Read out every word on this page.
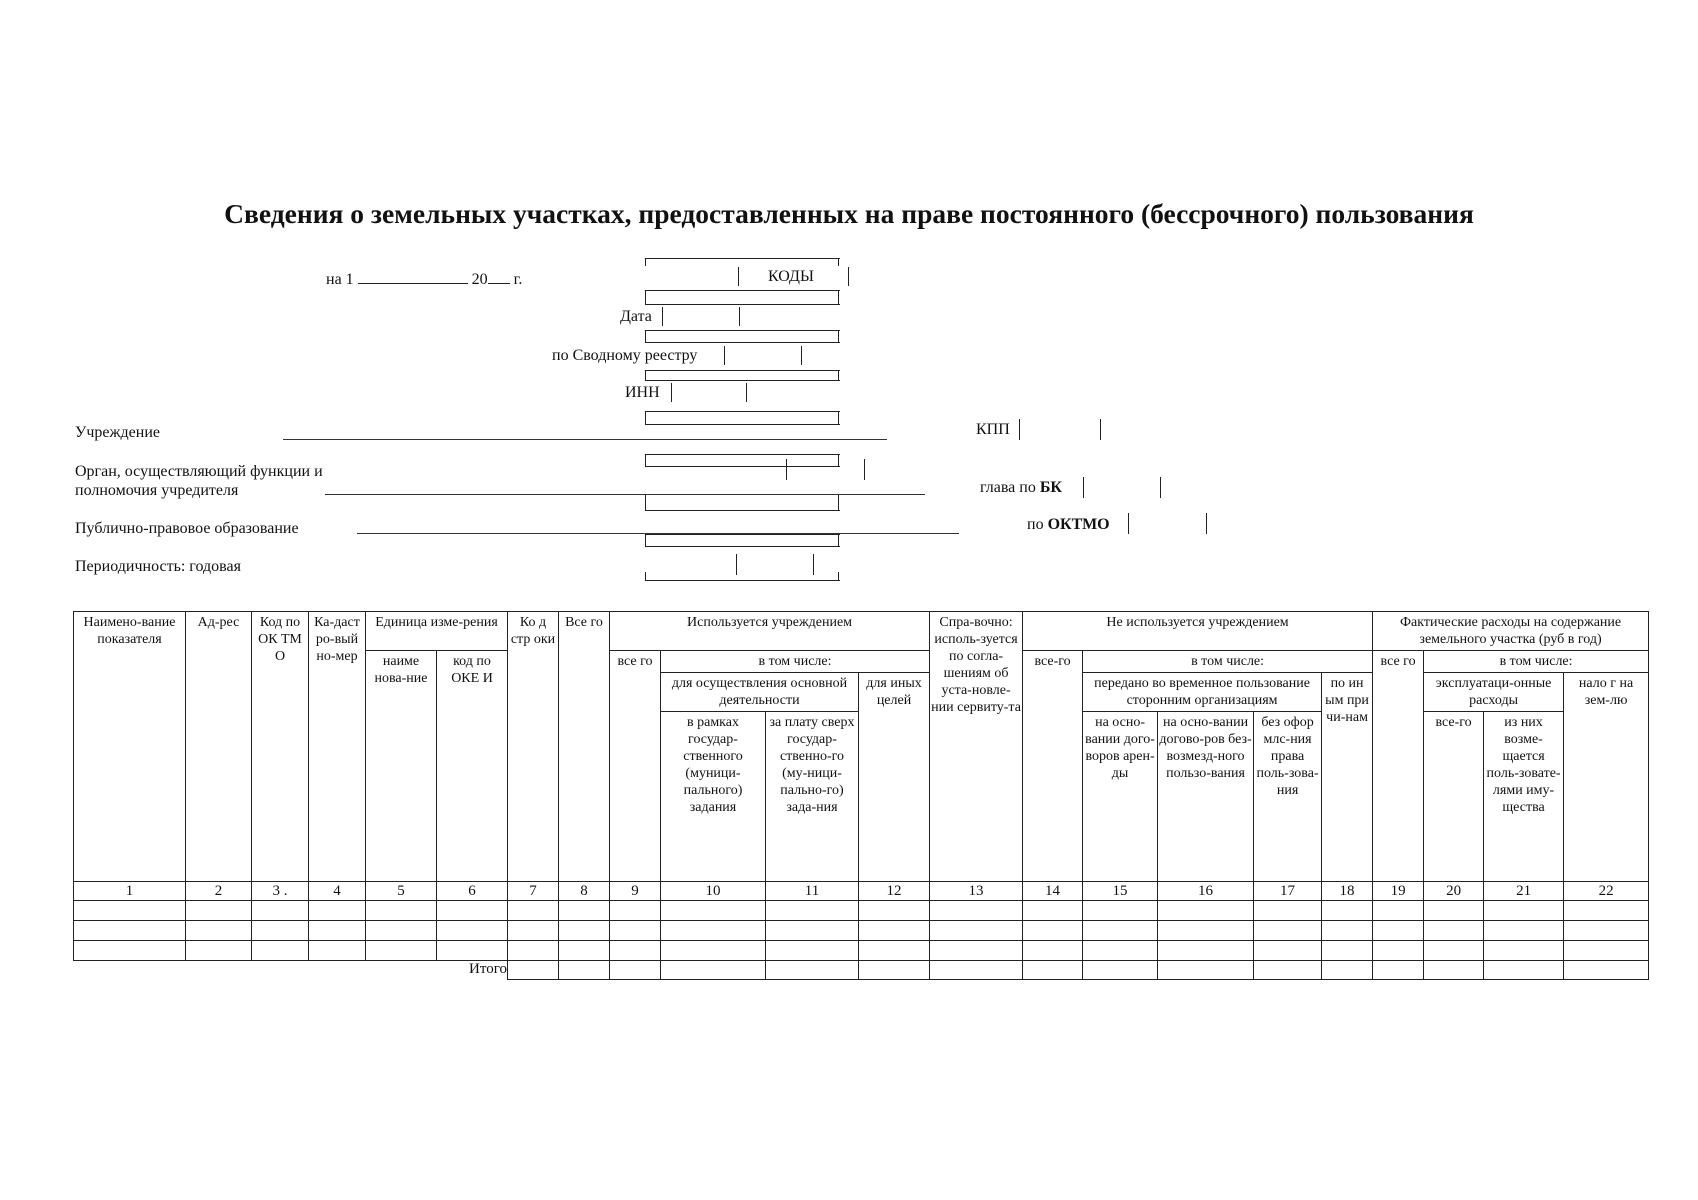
Сведения о земельных участках, предоставленных на праве постоянного (бессрочного) пользования
на 1	20 г.	КОДЫ
Дата
по Сводному реестру
ИНН
КПП
глава по БК
по ОКТМО
Учреждение
Орган, осуществляющий функции и
полномочия учредителя
Публично-правовое образование
Периодичность: годовая
Наимено-вание показателя	Ад-рес	Код по ОК ТМ О	Ка-даст ро-вый но-мер	Единица изме-рения		Ко д стр оки	Все го	Используется учреждением				Спра-вочно: исполь-зуется по согла-шениям об уста-новле-нии сервиту-та	Не используется учреждением					Фактические расходы на содержание земельного участка (руб в год)			
				наиме нова-ние	код по ОКЕ И			все го	в том числе:				все-го	в том числе:				все го	в том числе:		
									для осуществления основной деятельности		для иных целей			передано во временное пользование сторонним организациям			по ин ым при чи-нам		эксплуатаци-онные расходы		нало г на зем-лю
									в рамках государ-ственного (муници-пального) задания	за плату сверх государ-ственно-го (му-ници-пально-го) зада-ния				на осно-вании дого-воров арен-ды	на осно-вании догово-ров без-возмезд-ного пользо-вания	без офор млс-ния права поль-зова-ния			все-го	из них возме-щается поль-зовате-лями иму-щества	
1	2	3 .	4	5	6	7	8	9	10	11	12	13	14	15	16	17	18	19	20	21	22

					Итого																
